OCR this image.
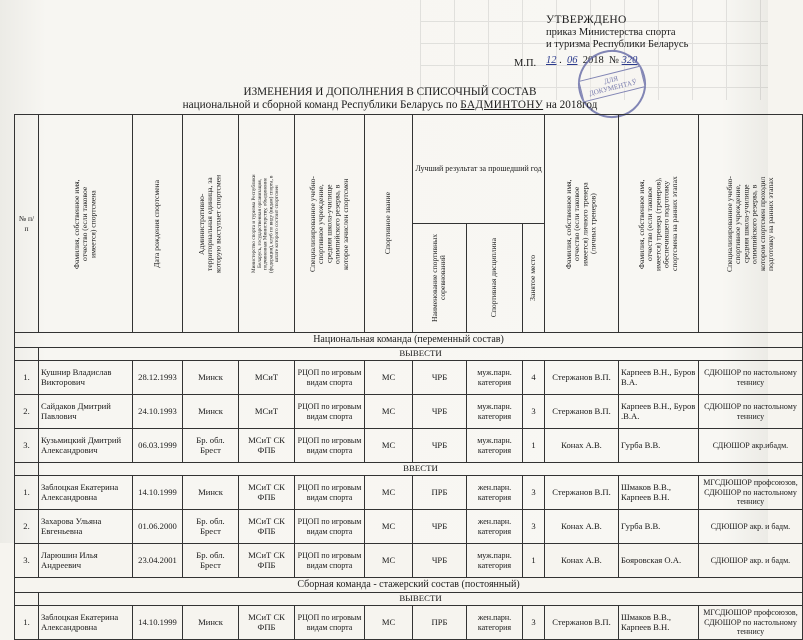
УТВЕРЖДЕНО
приказ Министерства спорта
и туризма Республики Беларусь
12 .  06 2018 № 320
М.П.
ДЛЯ ДОКУМЕНТАЎ
ИЗМЕНЕНИЯ И ДОПОЛНЕНИЯ В СПИСОЧНЫЙ СОСТАВ
национальной и сборной команд Республики Беларусь по БАДМИНТОНУ на 2018год
№ п/п	Фамилия, собственное имя, отчество (если таковое имеется) спортсмена	Дата рождения спортсмена	Административно-территориальная единица, за которую выступает спортсмен	Министерство спорта и туризма Республики Беларусь, государственная организация, подчиненная Министерству, объединение (федерация), клуб по виду (видам) спорта, в штате которого состоит спортсмен	Специализированное учебно-спортивное учреждение, средняя школа-училище олимпийского резерва, в которое зачислен спортсмен	Спортивное звание	Лучший результат за прошедший год			Фамилия, собственное имя, отчество (если таковое имеется) личного тренера (личных тренеров)	Фамилия, собственное имя, отчество (если таковое имеется) тренера (тренеров), обеспечившего подготовку спортсмена на ранних этапах	Специализированное учебно-спортивное учреждение, средняя школа-училище олимпийского резерва, в котором спортсмен проходил подготовку на ранних этапах

							Наименование спортивных соревнований	Спортивная дисциплина	Занятое место			

Национальная команда (переменный состав)												
	ВЫВЕСТИ											
1.	Кушнир Владислав Викторович	28.12.1993	Минск	МСиТ	РЦОП по игровым видам спорта	МС	ЧРБ	муж.парн. категория	4	Стержанов В.П.	Карпеев В.Н., Буров В.А.	СДЮШОР по настольному теннису
2.	Сайдаков Дмитрий Павлович	24.10.1993	Минск	МСиТ	РЦОП по игровым видам спорта	МС	ЧРБ	муж.парн. категория	3	Стержанов В.П.	Карпеев В.Н., Буров .В.А.	СДЮШОР по настольному теннису
3.	Кузьмицкий Дмитрий Александрович	06.03.1999	Бр. обл. Брест	МСиТ СК ФПБ	РЦОП по игровым видам спорта	МС	ЧРБ	муж.парн. категория	1	Конах А.В.	Гурба В.В.	СДЮШОР акр.ибадм.
	ВВЕСТИ											
1.	Заблоцкая Екатерина Александровна	14.10.1999	Минск	МСиТ СК ФПБ	РЦОП по игровым видам спорта	МС	ПРБ	жен.парн. категория	3	Стержанов В.П.	Шмаков В.В., Карпеев В.Н.	МГСДЮШОР профсоюзов, СДЮШОР по настольному теннису
2.	Захарова Ульяна Евгеньевна	01.06.2000	Бр. обл. Брест	МСиТ СК ФПБ	РЦОП по игровым видам спорта	МС	ЧРБ	жен.парн. категория	3	Конах А.В.	Гурба В.В.	СДЮШОР акр. и бадм.
3.	Ларюшин Илья Андреевич	23.04.2001	Бр. обл. Брест	МСиТ СК ФПБ	РЦОП по игровым видам спорта	МС	ЧРБ	муж.парн. категория	1	Конах А.В.	Бояровская О.А.	СДЮШОР акр. и бадм.
Сборная команда - стажерский состав (постоянный)												
	ВЫВЕСТИ											
1.	Заблоцкая Екатерина Александровна	14.10.1999	Минск	МСиТ СК ФПБ	РЦОП по игровым видам спорта	МС	ПРБ	жен.парн. категория	3	Стержанов В.П.	Шмаков В.В., Карпеев В.Н.	МГСДЮШОР профсоюзов, СДЮШОР по настольному теннису
